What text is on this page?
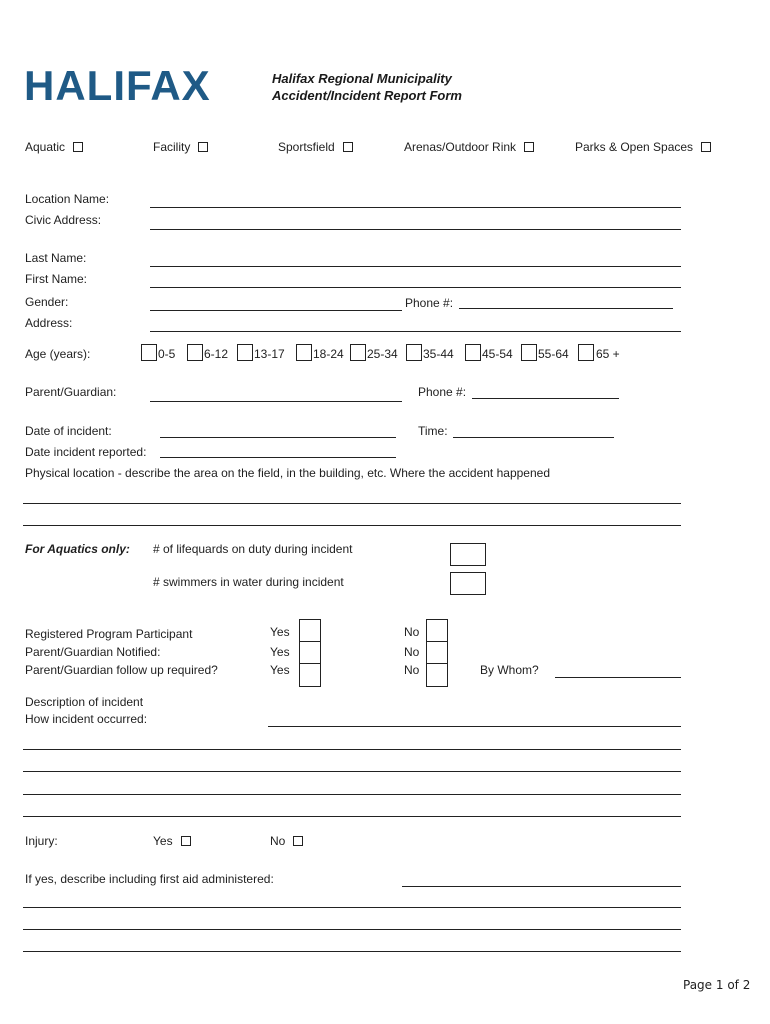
HALIFAX	Halifax Regional Municipality
Accident/Incident Report Form
Aquatic	Facility	Sportsfield	Arenas/Outdoor Rink	Parks & Open Spaces
Location Name:
Civic Address:
Last Name:
First Name:
Gender:	Phone #:
Address:
Age (years):	0-5 6-12 13-17 18-24 25-34 35-44 45-54 55-64 65 +
Parent/Guardian:	Phone #:
Date of incident:	Time:
Date incident reported:
Physical location - describe the area on the field, in the building, etc. Where the accident happened
For Aquatics only: # of lifequards on duty during incident
# swimmers in water during incident
Registered Program Participant	Yes	No
Parent/Guardian Notified:	Yes	No
Parent/Guardian follow up required?	Yes	No	By Whom?
Description of incident
How incident occurred:
Injury:	Yes	No
If yes, describe including first aid administered:
Page 1 of 2
